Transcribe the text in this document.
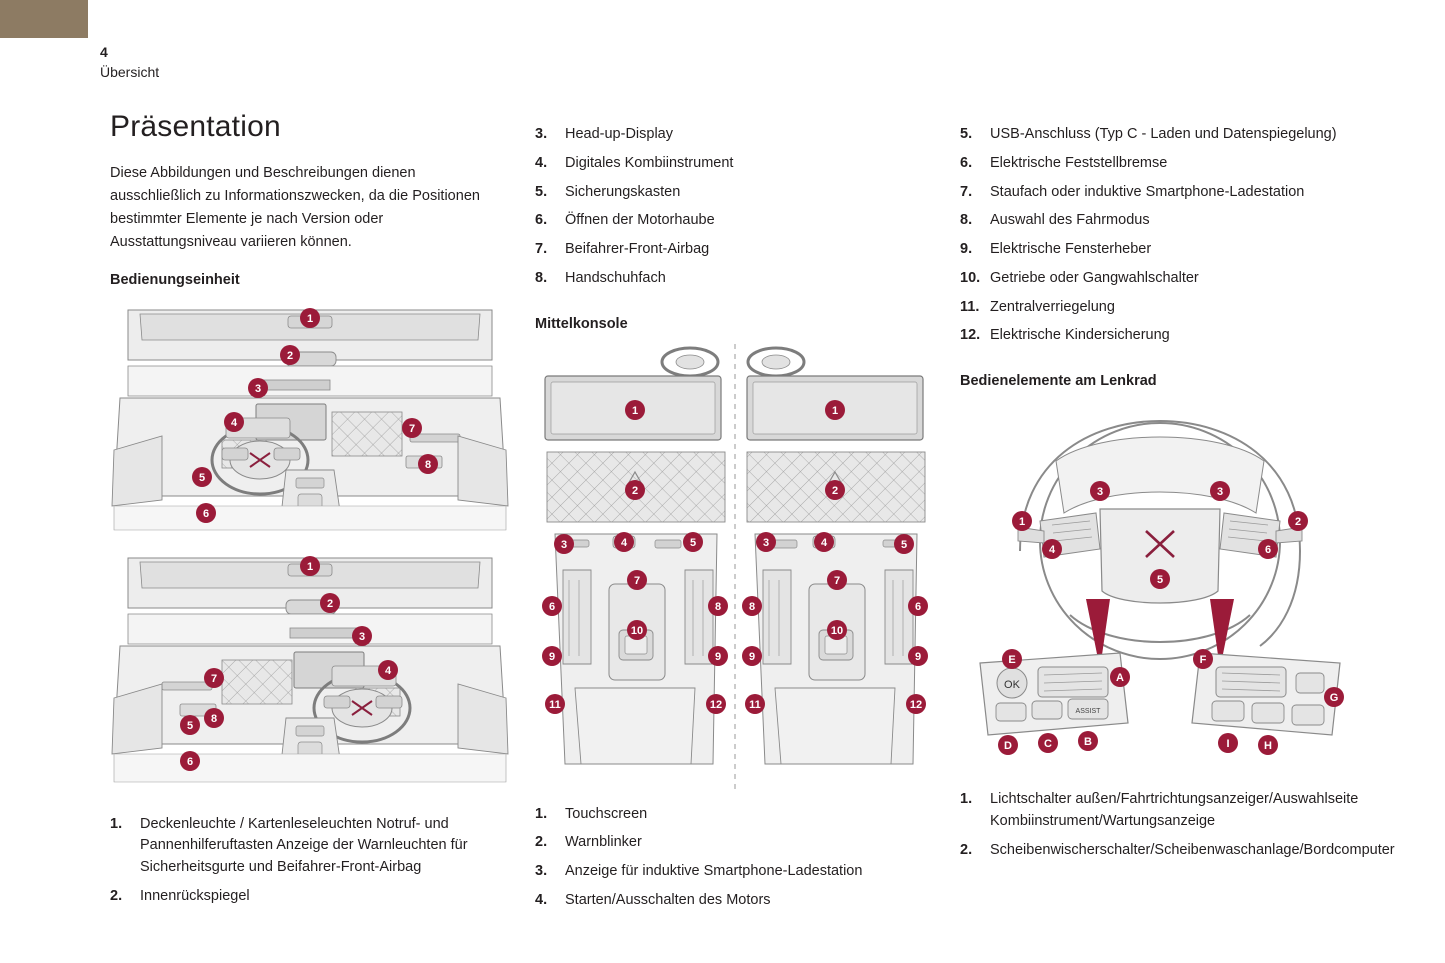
4
Übersicht
Präsentation

Diese Abbildungen und Beschreibungen dienen ausschließlich zu Informationszwecken, da die Positionen bestimmter Elemente je nach Version oder Ausstattungsniveau variieren können.

Bedienungseinheit
1
2
3
4
5
6
7
8
1
2
3
4
5
6
7
8
1.	Deckenleuchte / Kartenleseleuchten Notruf- und Pannenhilferuftasten Anzeige der Warnleuchten für Sicherheitsgurte und Beifahrer-Front-Airbag
2.	Innenrückspiegel
3.	Head-up-Display
4.	Digitales Kombiinstrument
5.	Sicherungskasten
6.	Öffnen der Motorhaube
7.	Beifahrer-Front-Airbag
8.	Handschuhfach
Mittelkonsole
1
2
3	4	5
7
6	8
10
9	9
11	12
1
2
5
4
3
7
8	6
10
9	9
11	12
1.	Touchscreen
2.	Warnblinker
3.	Anzeige für induktive Smartphone-Ladestation
4.	Starten/Ausschalten des Motors
5.	USB-Anschluss (Typ C - Laden und Datenspiegelung)
6.	Elektrische Feststellbremse
7.	Staufach oder induktive Smartphone-Ladestation
8.	Auswahl des Fahrmodus
9.	Elektrische Fensterheber
10. Getriebe oder Gangwahlschalter
11. Zentralverriegelung
12. Elektrische Kindersicherung
Bedienelemente am Lenkrad
1	2
3	3
4	6
5
OK
ASSIST
E
A
B
C
D
F
G
H
I
1.	Lichtschalter außen/Fahrtrichtungsanzeiger/Auswahlseite Kombiinstrument/Wartungsanzeige
2.	Scheibenwischerschalter/Scheibenwaschanlage/Bordcomputer
